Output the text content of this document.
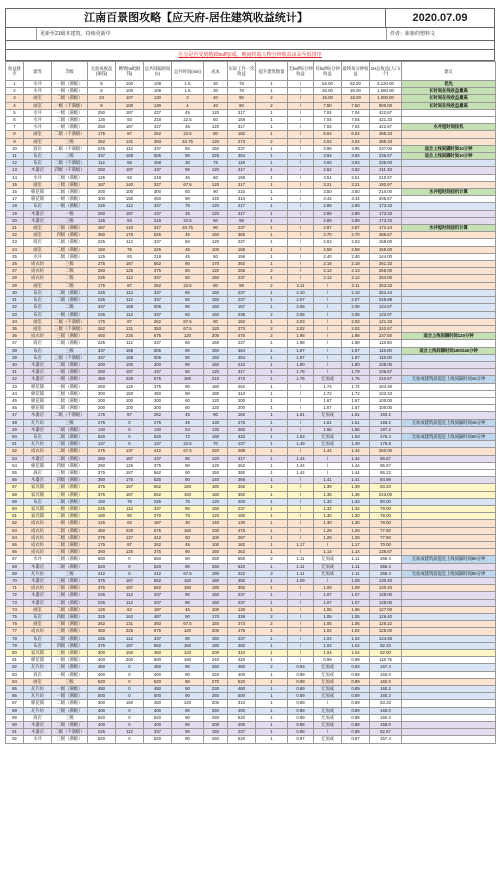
江南百景图攻略【应天府-居住建筑收益统计】	2020.07.09
更新至21级本建筑，持续更新中	作者：崭新的塑料文
区分是否受到精致buff加成，晚间终端人物分钟收益由高至低排序
收益排序	建筑	等级	无加成收益(铜钱)	精致buff(铜钱)	总共间隔时间(s)	总共时间(min)	成本	实际工作一次收益	提升建筑数量	无buff每分钟收益	有buff每分钟收益	最终每分钟收益	1H总收益(人口/个)	建议
1	水井	一级（满级）	8	100	108	1.5	30	78	1	/	52.00	52.00	3,120.00	优先
2	水井	一级（满级）	8	100	108	1.5	30	78	1	/	26.00	26.00	1,560.00	长时间在线收益最高
3	画室	二级（满级）	23	107	130	3	40	90	2	/	15.00	15.00	1,000.00	长时间在线收益最高
4	画室	一级（不满级）	8	100	130	4	40	90	2	/	7.50	7.50	900.00	长时间在线收益最高
5	水井	一级（满级）	250	187	437	45	120	317	1	/	7.04	7.04	422.67	
6	水井	二级（满级）	125	93	218	22.5	60	158	1	/	7.04	7.04	421.33	
7	水井	一级（满级）	250	187	437	45	120	317	1	/	7.04	7.04	422.67	水井短时间挂机
8	画室	二级（不满级）	175	87	262	22.5	80	182	1	/	6.04	6.04	485.33	
9	画室	三级	262	131	393	33.75	120	273	2	/	4.04	4.04	485.33	
10	商店	二级（不满级）	225	112	337	60	150	237	1	/	3.95	3.95	237.00	适合上线间隔时间10分钟
11	布店	三级	337	168	505	90	225	354	1	/	3.94	3.94	236.67	适合上线间隔时间10分钟
12	布店	二级（不满级）	112	56	168	30	75	118	1	/	3.93	3.93	236.00	
13	木器店	四级（不满级）	250	187	437	90	120	317	1	/	3.52	3.52	211.33	
14	水井	三级（满级）	125	93	218	45	60	158	1	/	3.51	3.51	210.67	
15	画室	三级（满级）	187	140	327	67.5	120	217	1	/	3.21	3.21	192.67	
16	棉花铺	二级（满级）	200	100	300	60	90	210	1	/	3.50	3.50	210.00	水井短时间挂机计算
17	棉花铺	一级（满级）	300	150	450	90	140	310	1	/	3.44	3.44	206.67	
18	布店	一级（满级）	225	112	337	75	120	217	1	/	2.89	2.89	173.33	
19	木器店	一级	250	187	437	45	120	317	1	/	2.89	2.89	173.33	
20	木器店	三级	125	93	218	22.5	60	95	1	/	2.89	2.89	173.33	
21	画室	三级（满级）	187	140	327	33.75	90	237	1	/	2.87	2.87	172.44	水井短时间挂机计算
22	画室	四级（满级）	350	175	525	45	160	365	1	/	2.70	2.70	486.67	
23	商店	二级（满级）	225	112	337	60	120	237	1	/	2.63	2.63	158.00	
24	画室	二级（满级）	150	75	225	45	100	155	1	/	2.58	2.58	155.00	
25	水井	二级（满级）	125	93	218	45	60	158	1	/	2.40	2.40	144.00	
26	成衣坊	三级	375	187	562	90	170	392	1	/	2.18	2.18	261.33	
27	成衣坊	二级	250	125	375	60	120	255	2	/	2.13	2.13	255.00	
28	成衣坊	二级	225	112	337	60	150	237	1	/	2.12	2.12	254.00	
29	画室	二级	175	87	262	22.5	80	95	2	2.11	/	2.11	253.33	
30	布店	二级（满级）	225	112	337	60	150	237	1	2.10	/	2.10	252.44	
31	布店	二级（满级）	225	112	337	60	150	237	1	2.07	/	2.07	248.89	
32	布店	二级	337	168	505	90	150	167	1	2.06	/	2.06	124.67	
33	布店	一级（满级）	225	112	337	60	150	238	2	2.05	/	2.05	123.07	
34	画室	二级（不满级）	175	87	262	67.5	80	182	1	2.03	/	2.03	121.33	
35	画室	三级（不满级）	262	131	393	67.5	120	273	2	2.02	/	2.02	242.67	
36	成衣坊	三级（满级）	450	225	675	120	200	475	2	1.98	/	1.98	237.50	适合上线间隔时间120分钟
37	商店	二级（满级）	225	112	337	60	150	237	1	1.98	/	1.98	118.50	
38	布店	三级	337	168	505	90	150	354	1	1.97	/	1.97	118.00	适合上线间隔时间180/240分钟
39	布店	三级（不满级）	337	168	505	90	150	354	1	1.97	/	1.97	118.00	
40	木器店	二级（满级）	200	100	300	90	150	210	1	1.80	/	1.80	108.00	
41	木器店	一级（满级）	250	187	437	60	120	317	1	1.78	/	1.78	106.67	
42	木器店	一级（满级）	450	225	675	180	210	473	1	1.76	无加成	1.76	210.67	无加成建筑前提是上线间隔时间45分钟
43	棉花铺	一级（满级）	250	125	375	90	180	262	1	/	1.74	1.74	104.40	
44	棉花铺	三级（满级）	300	150	450	90	180	310	1	/	1.72	1.72	103.33	
45	棉花铺	二级（满级）	200	100	300	60	120	200	1	/	1.67	1.67	100.00	
46	棉花铺	二级（满级）	200	100	300	60	120	200	1	/	1.67	1.67	100.00	
47	木器店	二级（不满级）	175	87	262	45	90	182	1	1.61	无加成	1.61	193.2	
48	瓦片坊	三级	275	0	275	45	130	275	1	/	1.61	1.61	193.2	无加成建筑前提是上线间隔时间45分钟
49	木器店	二级（满级）	130	0	130	54	130	260	1	/	1.56	1.56	187.2	
50	布店	二级（满级）	520	0	520	72	190	333	1	1.53	无加成	1.53	275.4	无加成建筑前提是上线间隔时间60分钟
51	瓦片坊	三级（满级）	137	0	137	22.5	70	137	1	1.49	无加成	1.49	178.8	
52	成衣坊	二级（满级）	275	137	412	67.5	220	288	1	/	1.44	1.44	260.00	
53	木器店	二级（满级）	250	187	437	90	120	317	1	1.44	/	1.44	86.67	
54	棉花铺	四级（满级）	250	125	375	90	120	262	1	1.44	/	1.44	86.67	
55	商店	三级（满级）	375	187	562	90	150	392	1	1.44	/	1.44	86.22	
56	木器店	四级（满级）	350	175	525	90	140	366	1	/	1.41	1.41	84.89	
57	家具铺	三级（满级）	375	187	562	150	180	392	1	/	1.39	1.39	83.33	
58	家具铺	三级（满级）	375	187	562	150	180	392	1	/	1.35	1.35	243.00	
59	布店	二级（满级）	150	75	225	75	120	200	1	/	1.33	1.33	80.00	
60	家具铺	一级（满级）	225	112	337	90	150	237	1	/	1.32	1.32	79.00	
61	家具铺	二级（满级）	180	90	270	75	120	180	1	/	1.30	1.30	78.00	
62	成衣坊	一级（满级）	125	62	187	30	140	130	1	/	1.30	1.30	78.00	
63	成衣坊	二级（满级）	450	225	675	150	230	475	1	/	1.29	1.29	77.50	
64	成衣坊	二级（满级）	275	137	412	60	100	287	1	/	1.29	1.29	77.50	
65	成衣坊	二级（满级）	175	87	262	45	100	182	1	1.17	/	1.17	70.00	
66	成衣坊	三级（满级）	250	125	375	90	150	262	1	/	1.14	1.14	136.67	
67	水井	三级（满级）	650	0	650	90	250	650	2	1.11	无加成	1.11	266.4	无加成建筑前提是上线间隔时间90分钟
68	木器店	二级（满级）	520	0	520	90	250	520	1	1.11	无加成	1.11	266.4	
69	瓦片坊	三级	412	0	412	67.5	190	222	3	1.11	无加成	1.11	266.4	无加成建筑前提是上线间隔时间90分钟
70	木器店	三级（满级）	375	187	562	150	180	392	1	1.09	/	1.09	130.40	
71	成衣坊	三级（满级）	375	187	562	150	180	392	1	/	1.09	1.09	130.40	
72	木器店	三级（满级）	225	112	337	90	150	237	1	/	1.07	1.07	128.00	
73	木器店	二级（满级）	225	112	337	90	150	237	1	/	1.07	1.07	128.00	
74	画室	二级（满级）	125	62	187	45	100	130	1	/	1.06	1.06	127.00	
75	布店	四级（满级）	325	162	487	90	170	339	2	/	1.05	1.05	126.40	
76	画室	三级（满级）	262	131	393	67.5	150	273	2	/	1.05	1.05	126.22	
77	成衣坊	三级（满级）	450	225	675	120	200	475	1	/	1.04	1.04	125.00	
78	布店	二级（满级）	225	112	337	90	150	237	1	/	1.04	1.04	124.93	
79	布店	四级（满级）	375	187	562	150	180	392	1	/	1.04	1.04	62.33	
80	家具铺	三级（满级）	300	150	450	120	200	310	1	/	1.04	1.04	62.00	
81	棉花铺	一级（满级）	400	200	600	180	240	420	1	/	0.99	0.99	118.75	
82	瓦片坊	三级（满级）	450	0	450	90	250	450	2	0.93	无加成	0.93	167.4	
83	商店	一级（满级）	400	0	400	90	220	400	1	0.89	无加成	0.89	160.0	
84	画室	三级	520	0	520	90	270	520	1	0.89	无加成	0.89	160.0	
85	瓦片坊	一级（满级）	480	0	480	90	230	480	1	0.89	无加成	0.89	160.2	
86	瓦片坊	一级（满级）	500	0	500	90	250	500	1	0.89	无加成	0.89	160.2	
87	棉花铺	二级（满级）	300	150	450	120	200	310	1	0.89	/	0.89	53.33	
88	瓦片坊	三级（满级）	400	0	400	90	250	400	1	0.89	无加成	0.89	160.0	
89	商店	三级	520	0	520	90	250	520	1	0.89	无加成	0.89	160.2	
90	木器店	二级（满级）	400	0	400	90	200	400	1	0.88	无加成	0.88	158.0	
91	木器店	二级（不满级）	225	112	337	90	150	237	1	0.88	/	0.88	52.67	
92	水井	三级（满级）	520	0	520	90	250	520	1	0.87	无加成	0.87	157.4	
